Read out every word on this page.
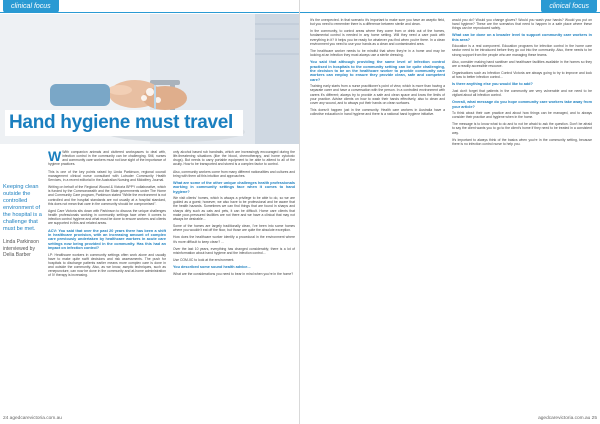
clinical focus
Hand hygiene must travel
Keeping clean outside the controlled environment of the hospital is a challenge that must be met.
Linda Parkinson interviewed by Delia Barber

W With companion animals and cluttered workspaces to deal with, infection control in the community can be challenging. Still, nurses and community care workers must not lose sight of the importance of hygiene practices.

This is one of the key points raised by Linda Parkinson, regional council management clinical nurse consultant with Lutruder Community Health Services, in a recent editorial in the Australian Nursing and Midwifery Journal.

Writing on behalf of the Regional Wound & Victoria BPPY collaborative, which is funded by the Commonwealth and the State governments under The Home and Community Care program, Parkinson stated "While the environment is not controlled and the hospital standards are not usually at a hospital standard, this does not mean that care in the community should be compromised".

Aged Care Victoria sits down with Parkinson to discuss the unique challenges health professionals working in community settings face when it comes to infection control hygiene and what must be done to ensure workers and clients are supported in this and related areas.

ACV: You said that over the past 20 years there has been a shift in healthcare provision, with an increasing amount of complex care previously undertaken by healthcare workers in acute care settings now being provided in the community. Has this had an impact on infection control?

LP: Healthcare workers in community settings often work alone and usually have to make quite swift decisions and risk assessments. The push for hospitals to discharge patients earlier means more complex care is done in and outside the community. Also, as we know, aseptic techniques, such as venepuncture, can now be done in the community and at-home administration of IV therapy is increasing.

only alcohol based rub handrails, which are increasingly encouraged during the life-threatening situations (like the blood, chemotherapy, and home cytotoxic drugs). But needs to carry portable equipment to be able to attend to all of the acuity. How to be transported and stored is a complex factor to control.

Also, community workers come from many different nationalities and cultures and bring with them all this intuition and approaches.

What are some of the other unique challenges health professionals working in community settings face when it comes to hand hygiene?

We visit clients' homes, which is always a privilege to be able to do, so we are guided as a guest; however, we also have to be professional and be aware that the health hazards. Sometimes we can find things that are found in sharps and sharps dirty such as cats and pets, it can be difficult. Home care clients that make poor-pressured facilities are not there and we have a clinical that may not always be desirable...

Some of the homes are largely traditionally clean, I've been into some homes where you wouldn't eat off the floor, but those are quite the absolute exception.

How does the healthcare worker identify a procedural in the environment where it's more difficult to keep clean? ...

Over the last 10 years, everything has changed considerably; there is a lot of misinformation about hand hygiene and the infection control...

Use COM-IIC to look at the environment.

You described some sound health advice...

What are the considerations you need to bear in mind when you're in the home?

24 agedcarevictoria.com.au
clinical focus

It's the unexpected. In that scenario it's important to make sure you have an aseptic field, but you need to remember there is a difference between sterile and clean.

In the community, to control areas where they come from or drink out of the homes, fundamental control is needed in any home setting. Will they need a care pack with everything in it? It helps you be ready for whatever you find when you're there. In a clean environment you need to use your hands as a clean and contaminated area.

The healthcare worker needs to be mindful that when they're in a home and may be looking at an infection they must always use a sterile dressing.

You said that although providing the same level of infection control practised in hospitals to the community setting can be quite challenging, the decision to be on the healthcare worker to provide community care workers can employ to ensure they provide clean, safe and competent care?

Training early starts from a nurse practitioner's point of view, which is more than having a separate carer and have a conversation with the person. In a controlled environment with carers it's different; always try to provide a safe and clean space and know the limits of your practice. Advise clients on how to wash their hands effectively, also to clean and cover any wound, and to always put their hands on clean surfaces.

This doesn't happen just in the community. Health care workers in Australia have a collective education in hand hygiene and there is a national hand hygiene initiative.

would you do? Would you change gloves? Would you wash your hands? Would you put on hand hygiene? These are the scenarios that need to happen in a safe place where these things can be reproduced safely.

What can be done on a broader level to support community care workers in this area?

Education is a real component. Education programs for infection control in the home care sector need to be introduced before they go out into the community. Also, there needs to be strong support from the people who are managing these teams.

Also, consider making hand sanitiser and healthcare facilities available in the homes so they are a readily accessible resource.

Organisations such as Infection Control Victoria are always going to try to improve and look at how to better infection control...

Is there anything else you would like to add?

Just don't forget that patients in the community are very vulnerable and we need to be vigilant about all infection control.

Overall, what message do you hope community care workers take away from your article?

To think about their own practice and about how things can be managed, and to always consider their practice and hygiene when in the home.

The message is to know what to do and to not be afraid to ask the question. Don't be afraid to say the client wants you to go to the client's home if they need to be treated in a consistent way.

It's important to always think of the basics when you're in the community setting, because there is no infection control nurse to help you.

agedcarevictoria.com.au 25
